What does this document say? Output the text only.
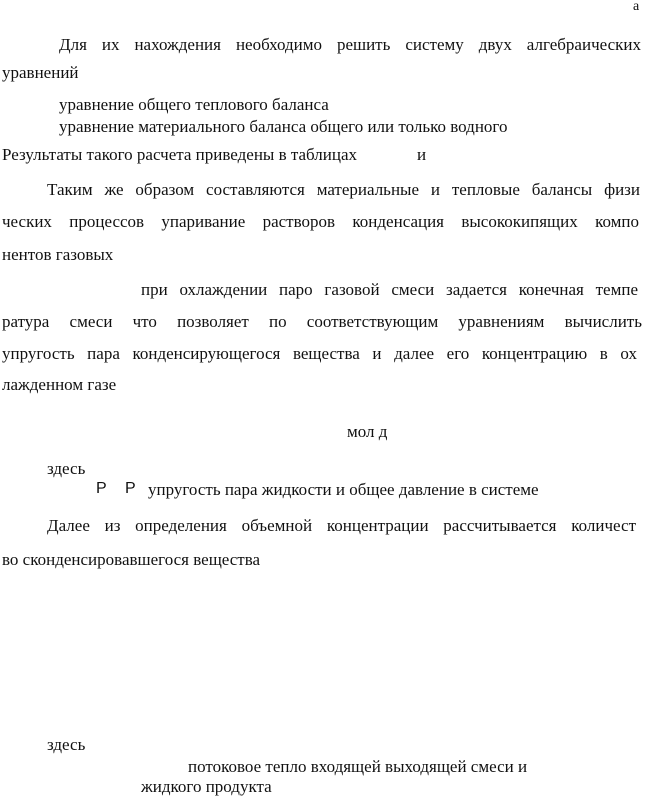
а
Для их нахождения необходимо решить систему двух алгебраических
уравнений
уравнение общего теплового баланса
уравнение материального баланса общего или только водного
Результаты такого расчета приведены в таблицах	и
Таким же образом составляются материальные и тепловые балансы физи
ческих процессов упаривание растворов конденсация высококипящих компо
нентов газовых
при охлаждении паро газовой смеси задается конечная темпе
ратура смеси что позволяет по соответствующим уравнениям вычислить
упругость пара конденсирующегося вещества и далее его концентрацию в ох
лажденном газе
мол д
здесь
P P упругость пара жидкости и общее давление в системе
Далее из определения объемной концентрации рассчитывается количест
во сконденсировавшегося вещества
здесь
потоковое тепло входящей выходящей смеси и
жидкого продукта
